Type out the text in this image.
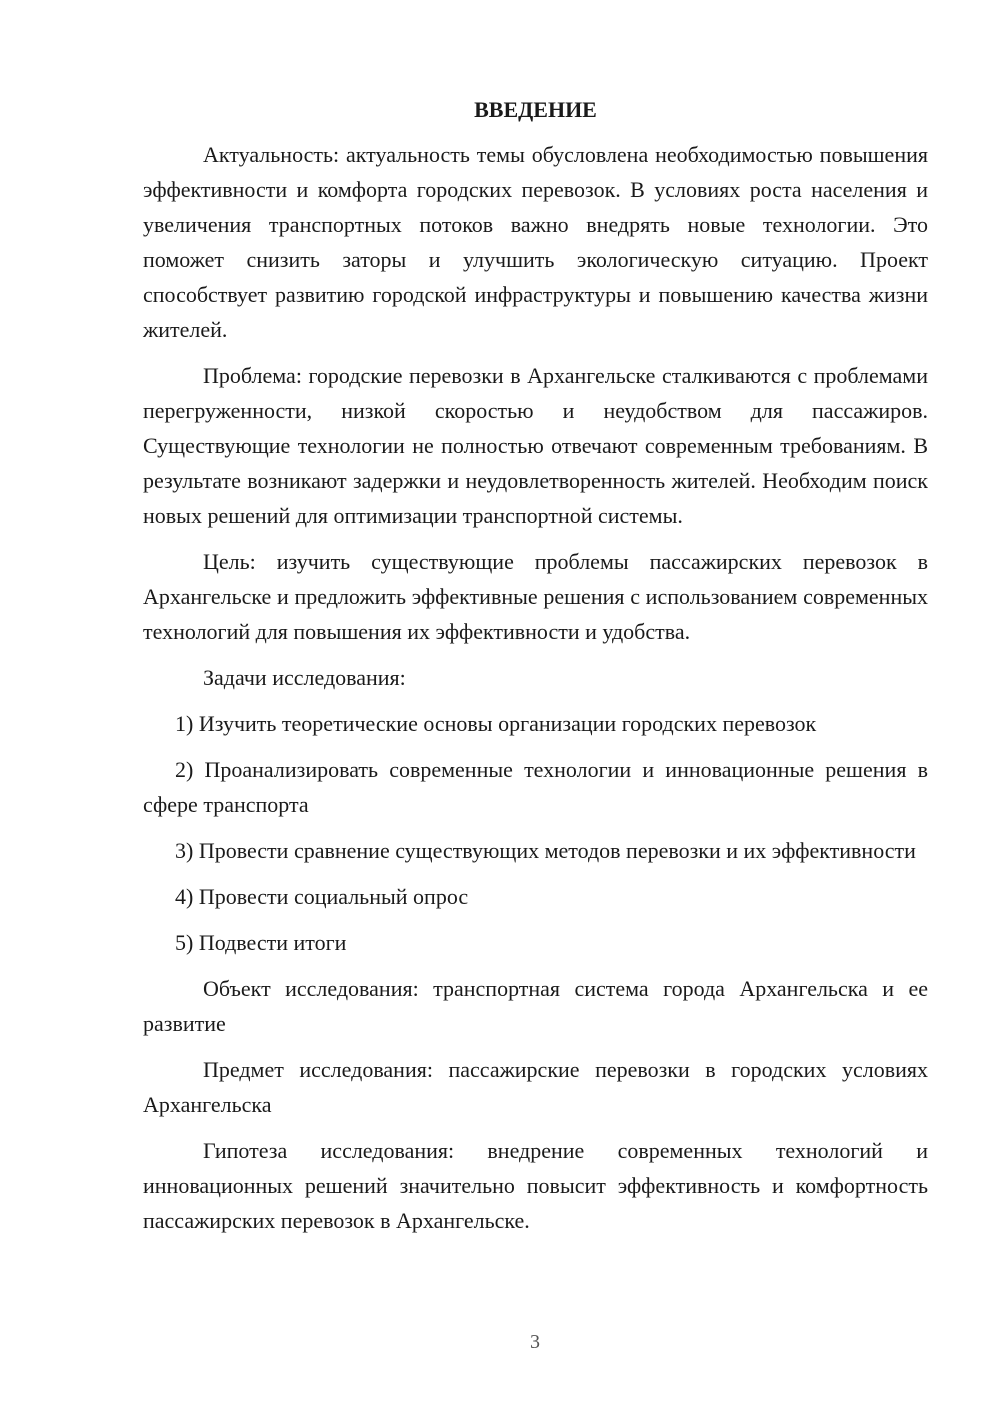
ВВЕДЕНИЕ

Актуальность: актуальность темы обусловлена необходимостью повышения эффективности и комфорта городских перевозок. В условиях роста населения и увеличения транспортных потоков важно внедрять новые технологии. Это поможет снизить заторы и улучшить экологическую ситуацию. Проект способствует развитию городской инфраструктуры и повышению качества жизни жителей.

Проблема: городские перевозки в Архангельске сталкиваются с проблемами перегруженности, низкой скоростью и неудобством для пассажиров. Существующие технологии не полностью отвечают современным требованиям. В результате возникают задержки и неудовлетворенность жителей. Необходим поиск новых решений для оптимизации транспортной системы.

Цель: изучить существующие проблемы пассажирских перевозок в Архангельске и предложить эффективные решения с использованием современных технологий для повышения их эффективности и удобства.

Задачи исследования:

1) Изучить теоретические основы организации городских перевозок

2) Проанализировать современные технологии и инновационные решения в сфере транспорта

3) Провести сравнение существующих методов перевозки и их эффективности

4) Провести социальный опрос

5) Подвести итоги

Объект исследования: транспортная система города Архангельска и ее развитие

Предмет исследования: пассажирские перевозки в городских условиях Архангельска

Гипотеза исследования: внедрение современных технологий и инновационных решений значительно повысит эффективность и комфортность пассажирских перевозок в Архангельске.

3
